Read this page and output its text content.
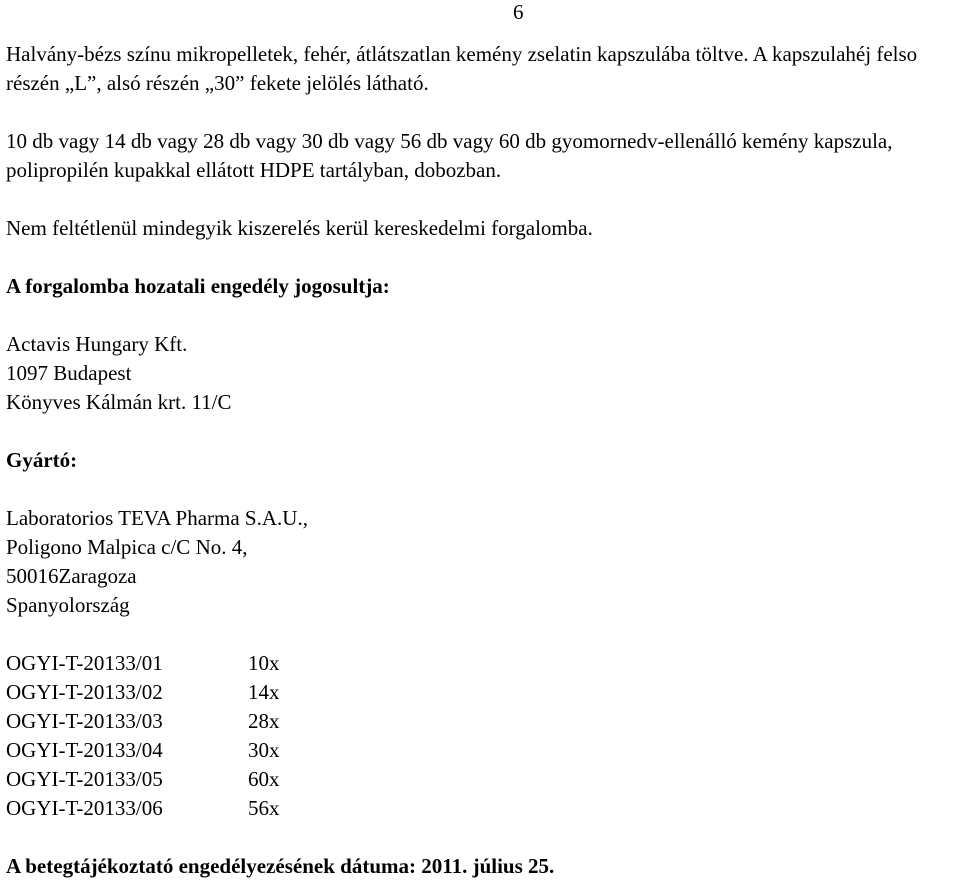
6

Halvány-bézs színu mikropelletek, fehér, átlátszatlan kemény zselatin kapszulába töltve. A kapszulahéj felso részén „L”, alsó részén „30” fekete jelölés látható.

10 db vagy 14 db vagy 28 db vagy 30 db vagy 56 db vagy 60 db gyomornedv-ellenálló kemény kapszula, polipropilén kupakkal ellátott HDPE tartályban, dobozban.

Nem feltétlenül mindegyik kiszerelés kerül kereskedelmi forgalomba.

A forgalomba hozatali engedély jogosultja:

Actavis Hungary Kft.
1097 Budapest
Könyves Kálmán krt. 11/C

Gyártó:

Laboratorios TEVA Pharma S.A.U.,
Poligono Malpica c/C No. 4,
50016Zaragoza
Spanyolország
OGYI-T-20133/01	10x
OGYI-T-20133/02	14x
OGYI-T-20133/03	28x
OGYI-T-20133/04	30x
OGYI-T-20133/05	60x
OGYI-T-20133/06	56x

A betegtájékoztató engedélyezésének dátuma: 2011. július 25.
